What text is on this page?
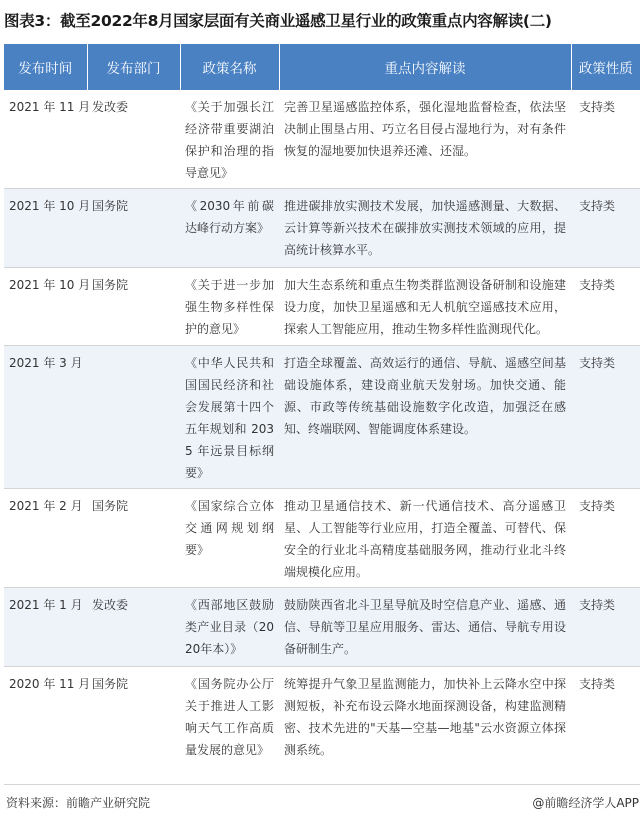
图表3：截至2022年8月国家层面有关商业遥感卫星行业的政策重点内容解读(二)
发布时间	发布部门	政策名称	重点内容解读	政策性质
2021 年 11 月	发改委	《关于加强长江经济带重要湖泊保护和治理的指导意见》	完善卫星遥感监控体系，强化湿地监督检查，依法坚决制止围垦占用、巧立名目侵占湿地行为，对有条件恢复的湿地要加快退养还滩、还湿。	支持类
2021 年 10 月	国务院	《2030年前碳达峰行动方案》	推进碳排放实测技术发展，加快遥感测量、大数据、云计算等新兴技术在碳排放实测技术领域的应用，提高统计核算水平。	支持类
2021 年 10 月	国务院	《关于进一步加强生物多样性保护的意见》	加大生态系统和重点生物类群监测设备研制和设施建设力度，加快卫星遥感和无人机航空遥感技术应用，探索人工智能应用，推动生物多样性监测现代化。	支持类
2021 年 3 月		《中华人民共和国国民经济和社会发展第十四个五年规划和 2035 年远景目标纲要》	打造全球覆盖、高效运行的通信、导航、遥感空间基础设施体系，建设商业航天发射场。加快交通、能源、市政等传统基础设施数字化改造，加强泛在感知、终端联网、智能调度体系建设。	支持类
2021 年 2 月	国务院	《国家综合立体交通网规划纲要》	推动卫星通信技术、新一代通信技术、高分遥感卫星、人工智能等行业应用，打造全覆盖、可替代、保安全的行业北斗高精度基础服务网，推动行业北斗终端规模化应用。	支持类
2021 年 1 月	发改委	《西部地区鼓励类产业目录（2020年本）》	鼓励陕西省北斗卫星导航及时空信息产业、遥感、通信、导航等卫星应用服务、雷达、通信、导航专用设备研制生产。	支持类
2020 年 11 月	国务院	《国务院办公厅关于推进人工影响天气工作高质量发展的意见》	统筹提升气象卫星监测能力，加快补上云降水空中探测短板，补充布设云降水地面探测设备，构建监测精密、技术先进的"天基—空基—地基"云水资源立体探测系统。	支持类
资料来源：前瞻产业研究院	@前瞻经济学人APP
